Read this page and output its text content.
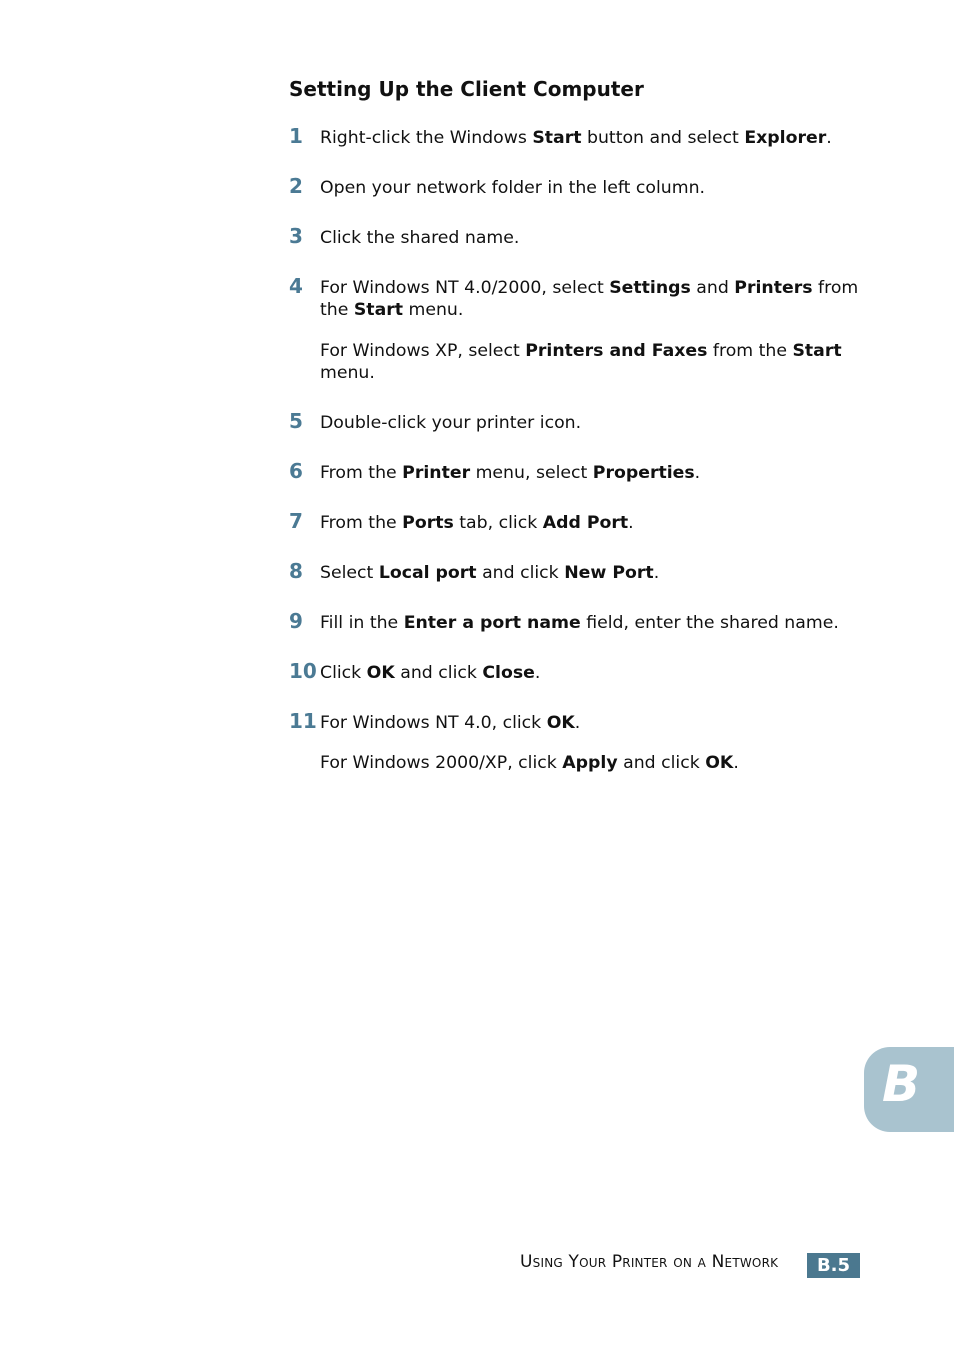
Setting Up the Client Computer
1 Right-click the Windows Start button and select Explorer.

2 Open your network folder in the left column.

3 Click the shared name.

4 For Windows NT 4.0/2000, select Settings and Printers from the Start menu.

For Windows XP, select Printers and Faxes from the Start menu.

5 Double-click your printer icon.

6 From the Printer menu, select Properties.

7 From the Ports tab, click Add Port.

8 Select Local port and click New Port.

9 Fill in the Enter a port name field, enter the shared name.

10 Click OK and click Close.

11 For Windows NT 4.0, click OK.

For Windows 2000/XP, click Apply and click OK.

B
Using Your Printer on a Network	B.5
